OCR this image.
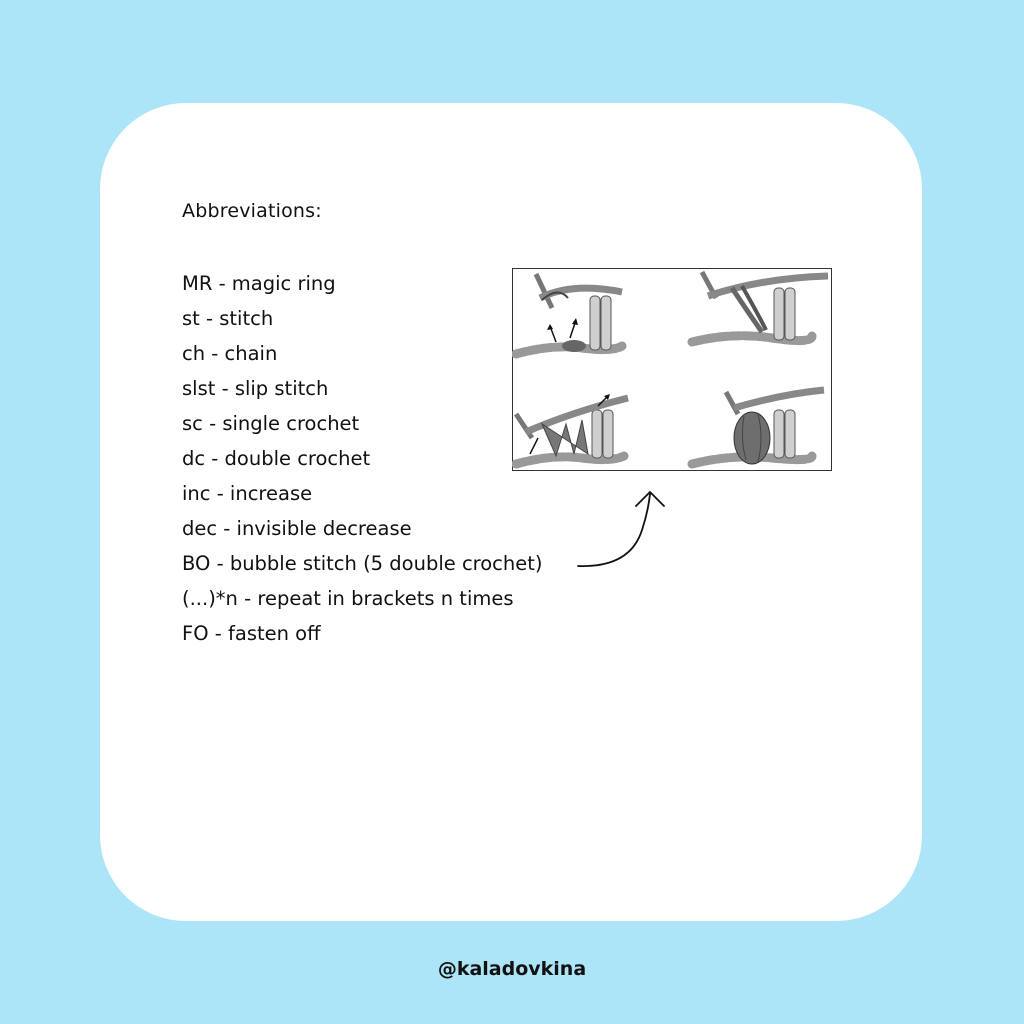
Abbreviations:
MR - magic ring
st - stitch
ch - chain
slst - slip stitch
sc - single crochet
dc - double crochet
inc - increase
dec - invisible decrease
BO - bubble stitch (5 double crochet)
(...)*n - repeat in brackets n times
FO - fasten off
@kaladovkina
